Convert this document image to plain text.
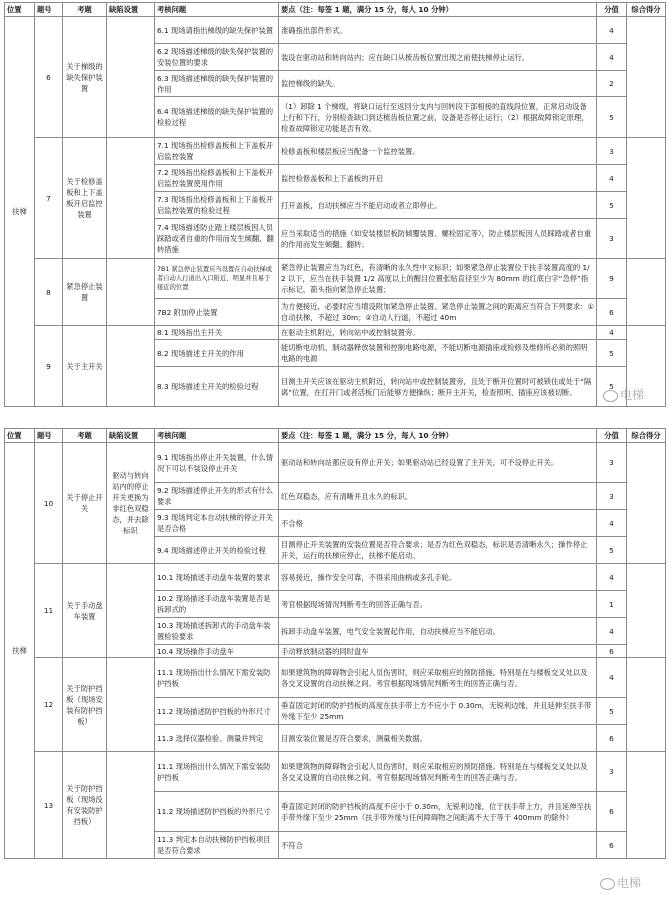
位置	题号	考题	缺陷设置	考核问题	要点（注：每签 1 题，满分 15 分，每人 10 分钟）	分值	综合得分
扶梯	6	关于梯级的缺失保护装置		6.1 现场请指出梯级的缺失保护装置	准确指出部件形式。	4	
				6.2 现场描述梯级的缺失保护装置的安装位置的要求	装设在驱动站和转向站内；应在缺口从梳齿板位置出现之前使扶梯停止运行。	4	
				6.3 现场描述梯级的缺失保护装置的作用	监控梯级的缺失。	2	
				6.4 现场描述梯级的缺失保护装置的检验过程	（1）卸除 1 个梯级，将缺口运行至返回分支内与回转段下部相接的直线段位置，正常启动设备上行和下行，分别检查缺口到达梳齿板位置之前，设备是否停止运行；（2）根据故障锁定原理，检查故障锁定功能是否有效。	5	
	7	关于检修盖板和上下盖板开启监控装置		7.1 现场指出检修盖板和上下盖板开启监控装置	检修盖板和楼层板应当配备一个监控装置。	3	
				7.2 现场指出检修盖板和上下盖板开启监控装置使用作用	监控检修盖板和上下盖板的开启	4	
				7.3 现场指出检修盖板和上下盖板开启监控装置的检验过程	打开盖板，自动扶梯应当不能启动或者立即停止。	5	
				7.4 现场描述防止踏上楼层板因人员踩踏或者自重的作用而发生倾翻、翻转措施	应当采取适当的措施（如安装楼层板防倾覆装置、螺栓固定等），防止楼层板因人员踩踏或者自重的作用而发生倾翻、翻转；	3	
	8	紧急停止装置		7B1 紧急停止装置应当设置在自动扶梯或者自动人行道出入口附近、明显并且易于接近的位置	紧急停止装置应当为红色，有清晰的永久性中文标识；如果紧急停止装置位于扶手装置高度的 1/2 以下，应当在扶手装置 1/2 高度以上的醒目位置张贴直径至少为 80mm 的红底白字“急停”指示标记，箭头指向紧急停止装置；	9	
				7B2 附加停止装置	为方便接近，必要时应当增设附加紧急停止装置。紧急停止装置之间的距离应当符合下列要求：①自动扶梯，不超过 30m；②自动人行道，不超过 40m	6	
	9	关于主开关		8.1 现场指出主开关	在驱动主机附近，转向站中或控制装置旁。	4	
				8.2 现场描述主开关的作用	能切断电动机、制动器释放装置和控制电路电源，不能切断电源插座或检修及维修所必须的照明电路的电源	5	
				8.3 现场描述主开关的检验过程	目测主开关应该在驱动主机附近，转向站中或控制装置旁，且处于断开位置时可被锁住或处于“隔离”位置，在打开门或者活板门后能够方便操纵；断开主开关，检查照明、插座应该被切断。	5	
电梯
位置	题号	考题	缺陷设置	考核问题	要点（注：每签 1 题，满分 15 分，每人 10 分钟）	分值	综合得分
扶梯	10	关于停止开关	驱动与转向站内的停止开关更换为非红色双稳态，并去除标识	9.1 现场指出停止开关装置，什么情况下可以不装设停止开关	驱动站和转向站都应设有停止开关；如果驱动站已经设置了主开关，可不设停止开关。	3	
				9.2 现场描述停止开关的形式有什么要求	红色双稳态，应有清晰并且永久的标识。	3	
				9.3 现场判定本自动扶梯的停止开关是否合格	不合格	4	
				9.4 现场描述停止开关的检验过程	目测停止开关装置的安装位置是否符合要求；是否为红色双稳态，标识是否清晰永久；操作停止开关，运行的扶梯应停止，扶梯不能启动。	5	
	11	关于手动盘车装置		10.1 现场描述手动盘车装置的要求	容易接近，操作安全可靠，不得采用曲柄或多孔手轮。	4	
				10.2 现场描述手动盘车装置是否是拆卸式的	考官根据现场情况判断考生的回答正确与否。	1	
				10.3 现场描述拆卸式的手动盘车装置检验要求	拆卸手动盘车装置，电气安全装置起作用，自动扶梯应当不能启动。	4	
				10.4 现场操作手动盘车	手动释放制动器的同时盘车	6	
	12	关于防护挡板（现场安装有防护挡板）		11.1 现场指出什么情况下需安装防护挡板	如果建筑物的障碍物会引起人员伤害时，则应采取相应的预防措施。特别是在与楼板交叉处以及各交叉设置的自动扶梯之间。考官根据现场情况判断考生的回答正确与否。	4	
				11.2 现场描述防护挡板的外形尺寸	垂直固定封闭的防护挡板的高度在扶手带上方不应小于 0.30m，无锐利边缘，并且延伸至扶手带外缘下至少 25mm	5	
				11.3 选择仪器检验、测量并判定	目测安装位置是否符合要求，测量相关数据。	6	
	13	关于防护挡板（现场没有安装防护挡板）		11.1 现场指出什么情况下需安装防护挡板	如果建筑物的障碍物会引起人员伤害时，则应采取相应的预防措施。特别是在与楼板交叉处以及各交叉设置的自动扶梯之间。考官根据现场情况判断考生的回答正确与否。	3	
				11.2 现场描述防护挡板的外形尺寸	垂直固定封闭的防护挡板的高度不应小于 0.30m，无锐利边缘，位于扶手带上方，并且延伸至扶手带外缘下至少 25mm（扶手带外缘与任何障碍物之间距离不大于等于 400mm 的除外）	6	
				11.3 判定本自动扶梯防护挡板项目是否符合要求	不符合	6	
电梯
